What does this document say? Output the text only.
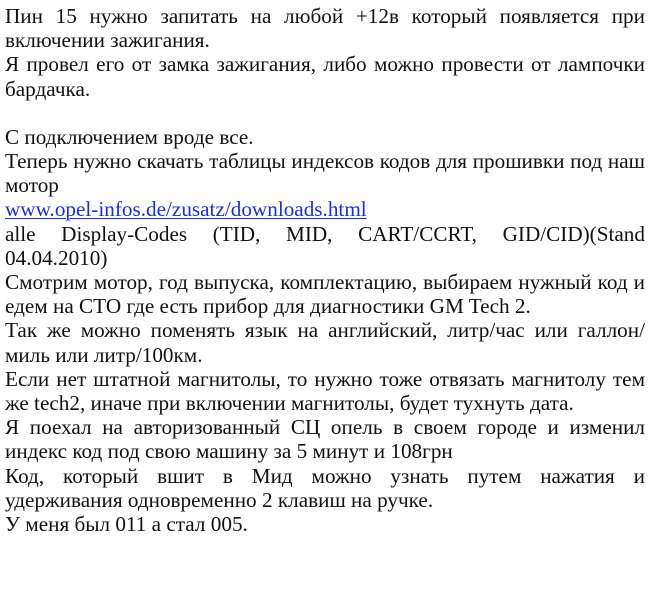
Пин 15 нужно запитать на любой +12в который появляется при включении зажигания.

Я провел его от замка зажигания, либо можно провести от лампочки бардачка.

С подключением вроде все.

Теперь нужно скачать таблицы индексов кодов для прошивки под наш мотор

www.opel-infos.de/zusatz/downloads.html

alle Display-Codes (TID, MID, CART/CCRT, GID/CID)(Stand 04.04.2010)

Смотрим мотор, год выпуска, комплектацию, выбираем нужный код и едем на СТО где есть прибор для диагностики GM Tech 2.

Так же можно поменять язык на английский, литр/час или галлон/миль или литр/100км.

Если нет штатной магнитолы, то нужно тоже отвязать магнитолу тем же tech2, иначе при включении магнитолы, будет тухнуть дата.

Я поехал на авторизованный СЦ опель в своем городе и изменил индекс код под свою машину за 5 минут и 108грн

Код, который вшит в Мид можно узнать путем нажатия и удерживания одновременно 2 клавиш на ручке.

У меня был 011 а стал 005.
